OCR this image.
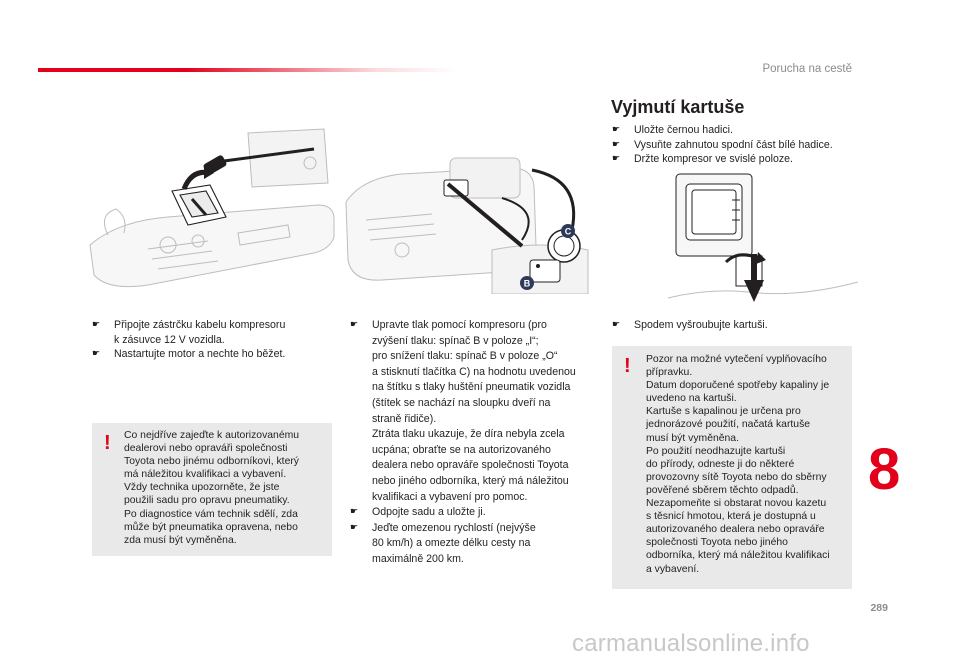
Porucha na cestě
C
B
☛ Připojte zástrčku kabelu kompresoru
k zásuvce 12 V vozidla.
☛ Nastartujte motor a nechte ho běžet.
! Co nejdříve zajeďte k autorizovanému
dealerovi nebo opraváři společnosti
Toyota nebo jinému odborníkovi, který
má náležitou kvalifikaci a vybavení.
Vždy technika upozorněte, že jste
použili sadu pro opravu pneumatiky.
Po diagnostice vám technik sdělí, zda
může být pneumatika opravena, nebo
zda musí být vyměněna.
☛ Upravte tlak pomocí kompresoru (pro
zvýšení tlaku: spínač B v poloze „I“;
pro snížení tlaku: spínač B v poloze „O“
a stisknutí tlačítka C) na hodnotu uvedenou
na štítku s tlaky huštění pneumatik vozidla
(štítek se nachází na sloupku dveří na
straně řidiče).
Ztráta tlaku ukazuje, že díra nebyla zcela
ucpána; obraťte se na autorizovaného
dealera nebo opraváře společnosti Toyota
nebo jiného odborníka, který má náležitou
kvalifikaci a vybavení pro pomoc.
☛ Odpojte sadu a uložte ji.
☛ Jeďte omezenou rychlostí (nejvýše
80 km/h) a omezte délku cesty na
maximálně 200 km.
Vyjmutí kartuše
☛ Uložte černou hadici.
☛ Vysuňte zahnutou spodní část bílé hadice.
☛ Držte kompresor ve svislé poloze.
☛ Spodem vyšroubujte kartuši.
! Pozor na možné vytečení vyplňovacího
přípravku.
Datum doporučené spotřeby kapaliny je
uvedeno na kartuši.
Kartuše s kapalinou je určena pro
jednorázové použití, načatá kartuše
musí být vyměněna.
Po použití neodhazujte kartuši
do přírody, odneste ji do některé
provozovny sítě Toyota nebo do sběrny
pověřené sběrem těchto odpadů.
Nezapomeňte si obstarat novou kazetu
s těsnicí hmotou, která je dostupná u
autorizovaného dealera nebo opraváře
společnosti Toyota nebo jiného
odborníka, který má náležitou kvalifikaci
a vybavení.
8
289
carmanualsonline.info
